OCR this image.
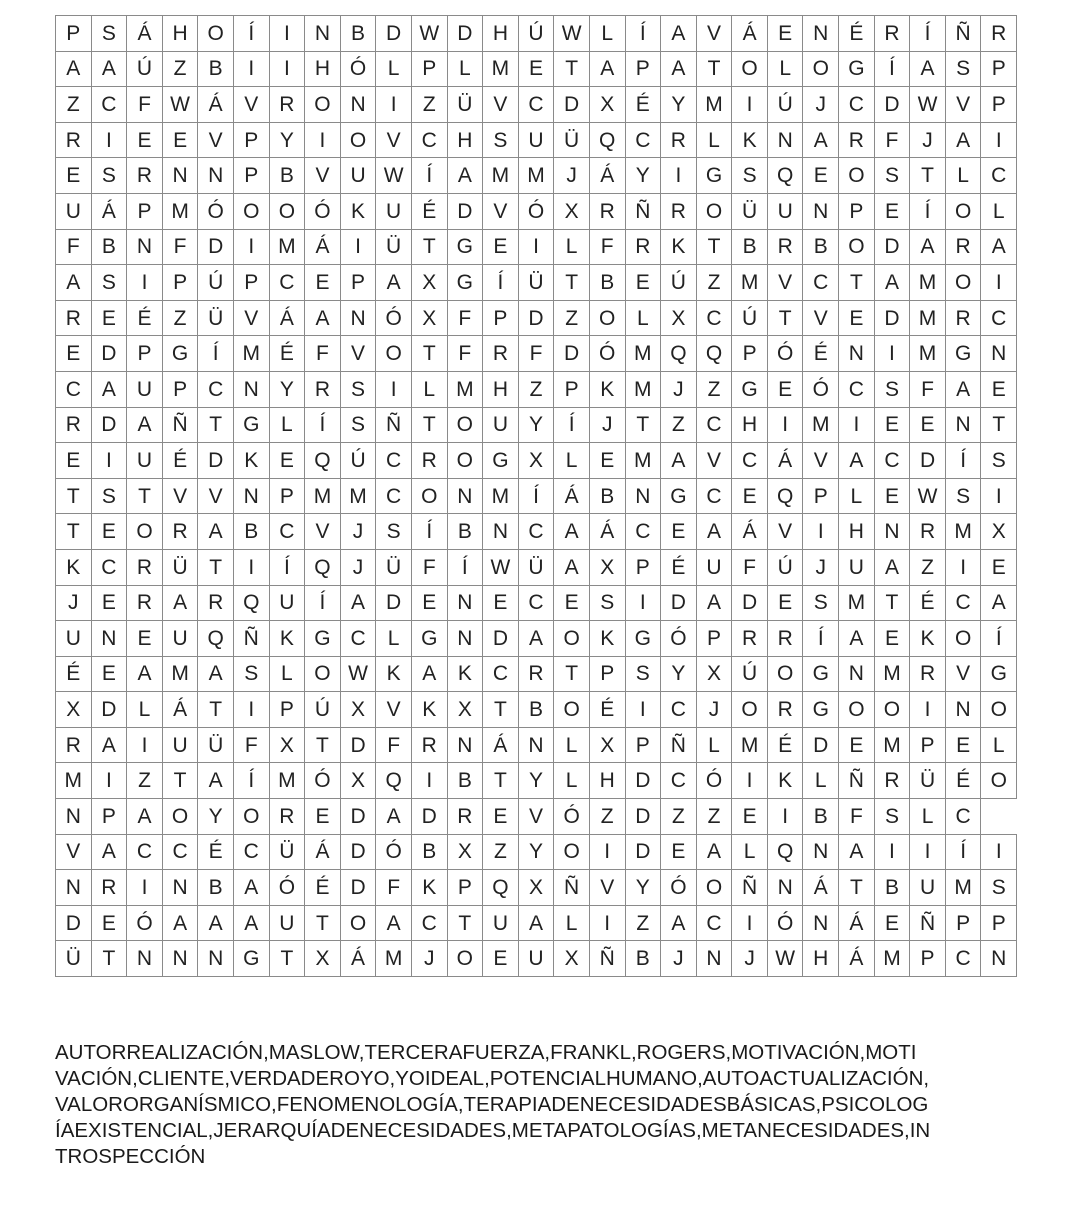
P	S	Á	H	O	Í	I	N	B	D	W	D	H	Ú	W	L	Í	A	V	Á	E	N	É	R	Í	Ñ	R
A	A	Ú	Z	B	I	I	H	Ó	L	P	L	M	E	T	A	P	A	T	O	L	O	G	Í	A	S	P
Z	C	F	W	Á	V	R	O	N	I	Z	Ü	V	C	D	X	É	Y	M	I	Ú	J	C	D	W	V	P
R	I	E	E	V	P	Y	I	O	V	C	H	S	U	Ü	Q	C	R	L	K	N	A	R	F	J	A	I
E	S	R	N	N	P	B	V	U	W	Í	A	M	M	J	Á	Y	I	G	S	Q	E	O	S	T	L	C
U	Á	P	M	Ó	O	O	Ó	K	U	É	D	V	Ó	X	R	Ñ	R	O	Ü	U	N	P	E	Í	O	L
F	B	N	F	D	I	M	Á	I	Ü	T	G	E	I	L	F	R	K	T	B	R	B	O	D	A	R	A
A	S	I	P	Ú	P	C	E	P	A	X	G	Í	Ü	T	B	E	Ú	Z	M	V	C	T	A	M	O	I
R	E	É	Z	Ü	V	Á	A	N	Ó	X	F	P	D	Z	O	L	X	C	Ú	T	V	E	D	M	R	C
E	D	P	G	Í	M	É	F	V	O	T	F	R	F	D	Ó	M	Q	Q	P	Ó	É	N	I	M	G	N
C	A	U	P	C	N	Y	R	S	I	L	M	H	Z	P	K	M	J	Z	G	E	Ó	C	S	F	A	E
R	D	A	Ñ	T	G	L	Í	S	Ñ	T	O	U	Y	Í	J	T	Z	C	H	I	M	I	E	E	N	T
E	I	U	É	D	K	E	Q	Ú	C	R	O	G	X	L	E	M	A	V	C	Á	V	A	C	D	Í	S
T	S	T	V	V	N	P	M	M	C	O	N	M	Í	Á	B	N	G	C	E	Q	P	L	E	W	S	I
T	E	O	R	A	B	C	V	J	S	Í	B	N	C	A	Á	C	E	A	Á	V	I	H	N	R	M	X
K	C	R	Ü	T	I	Í	Q	J	Ü	F	Í	W	Ü	A	X	P	É	U	F	Ú	J	U	A	Z	I	E
J	E	R	A	R	Q	U	Í	A	D	E	N	E	C	E	S	I	D	A	D	E	S	M	T	É	C	A
U	N	E	U	Q	Ñ	K	G	C	L	G	N	D	A	O	K	G	Ó	P	R	R	Í	A	E	K	O	Í
É	E	A	M	A	S	L	O	W	K	A	K	C	R	T	P	S	Y	X	Ú	O	G	N	M	R	V	G
X	D	L	Á	T	I	P	Ú	X	V	K	X	T	B	O	É	I	C	J	O	R	G	O	O	I	N	O
R	A	I	U	Ü	F	X	T	D	F	R	N	Á	N	L	X	P	Ñ	L	M	É	D	E	M	P	E	L
M	I	Z	T	A	Í	M	Ó	X	Q	I	B	T	Y	L	H	D	C	Ó	I	K	L	Ñ	R	Ü	É	O
N	P	A	O	Y	O	R	E	D	A	D	R	E	V	Ó	Z	D	Z	Z	E	I	B	F	S	L	C	
V	A	C	C	É	C	Ü	Á	D	Ó	B	X	Z	Y	O	I	D	E	A	L	Q	N	A	I	I	Í	I
N	R	I	N	B	A	Ó	É	D	F	K	P	Q	X	Ñ	V	Y	Ó	O	Ñ	N	Á	T	B	U	M	S
D	E	Ó	A	A	A	U	T	O	A	C	T	U	A	L	I	Z	A	C	I	Ó	N	Á	E	Ñ	P	P
Ü	T	N	N	N	G	T	X	Á	M	J	O	E	U	X	Ñ	B	J	N	J	W	H	Á	M	P	C	N
AUTORREALIZACIÓN,MASLOW,TERCERAFUERZA,FRANKL,ROGERS,MOTIVACIÓN,MOTI
VACIÓN,CLIENTE,VERDADEROYO,YOIDEAL,POTENCIALHUMANO,AUTOACTUALIZACIÓN,
VALORORGANÍSMICO,FENOMENOLOGÍA,TERAPIADENECESIDADESBÁSICAS,PSICOLOG
ÍAEXISTENCIAL,JERARQUÍADENECESIDADES,METAPATOLOGÍAS,METANECESIDADES,IN
TROSPECCIÓN
